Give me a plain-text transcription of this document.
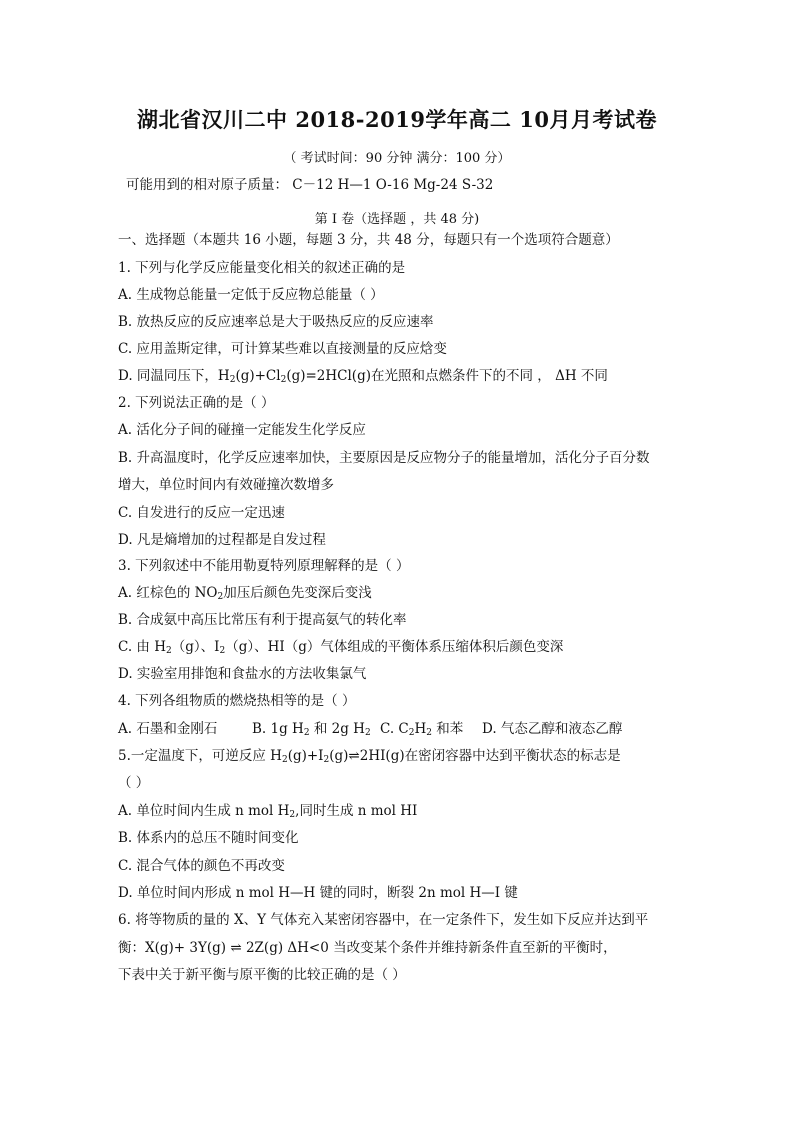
湖北省汉川二中 2018-2019学年高二 10月月考试卷
（ 考试时间：90 分钟 满分：100 分）
可能用到的相对原子质量： C－12 H—1 O-16 Mg-24 S-32
第 I 卷（选择题 ，共 48 分)
一、选择题（本题共 16 小题，每题 3 分，共 48 分，每题只有一个选项符合题意）
1. 下列与化学反应能量变化相关的叙述正确的是
A. 生成物总能量一定低于反应物总能量（ ）
B. 放热反应的反应速率总是大于吸热反应的反应速率
C. 应用盖斯定律，可计算某些难以直接测量的反应焓变
D. 同温同压下，$H_2(g)+Cl_2(g)=2HCl(g)$在光照和点燃条件下的不同 ， ΔH 不同
2. 下列说法正确的是（ ）
A. 活化分子间的碰撞一定能发生化学反应
B. 升高温度时，化学反应速率加快，主要原因是反应物分子的能量增加，活化分子百分数
增大，单位时间内有效碰撞次数增多
C. 自发进行的反应一定迅速
D. 凡是熵增加的过程都是自发过程
3. 下列叙述中不能用勒夏特列原理解释的是（ ）
A. 红棕色的 $NO_2$加压后颜色先变深后变浅
B. 合成氨中高压比常压有利于提高氨气的转化率
C. 由 $H_2(g)$、$I_2(g)$、HI（g）气体组成的平衡体系压缩体积后颜色变深
D. 实验室用排饱和食盐水的方法收集氯气
4. 下列各组物质的燃烧热相等的是（ ）
A. 石墨和金刚石	B. 1g $H_2$ 和 2g $H_2$ C. $C_2H_2$ 和苯 D. 气态乙醇和液态乙醇
5.一定温度下，可逆反应 $H_2(g)+I_2(g)\rightleftharpoons 2HI(g)$在密闭容器中达到平衡状态的标志是
（ ）
A. 单位时间内生成 n mol $H_2$,同时生成 n mol HI
B. 体系内的总压不随时间变化
C. 混合气体的颜色不再改变
D. 单位时间内形成 n mol H—H 键的同时，断裂 2n mol H—I 键
6. 将等物质的量的 X、Y 气体充入某密闭容器中，在一定条件下，发生如下反应并达到平
衡：X(g)+ 3Y(g) ⇌ 2Z(g) ΔH<0 当改变某个条件并维持新条件直至新的平衡时，
下表中关于新平衡与原平衡的比较正确的是（ ）
